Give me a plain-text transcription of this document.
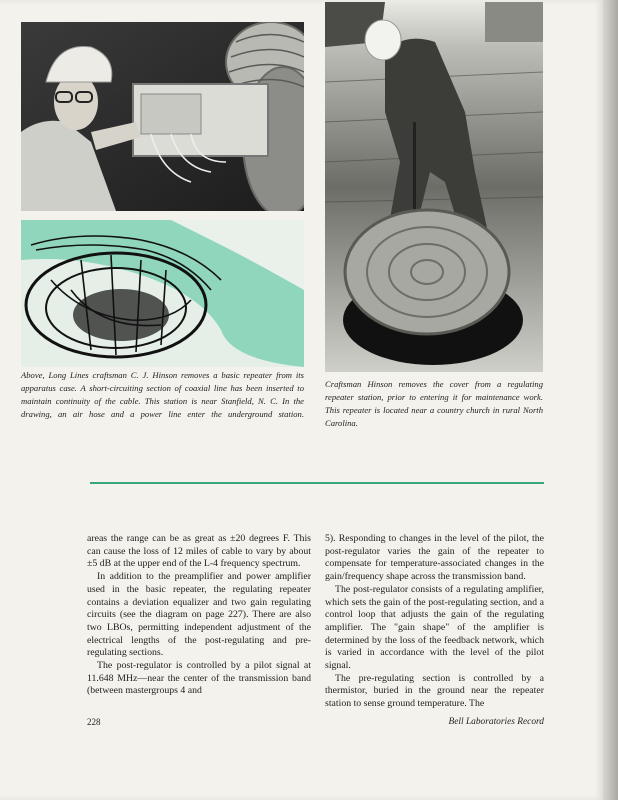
Above, Long Lines craftsman C. J. Hinson removes a basic repeater from its apparatus case. A short-circuiting section of coaxial line has been inserted to maintain continuity of the cable. This station is near Stanfield, N. C. In the drawing, an air hose and a power line enter the underground station.
Craftsman Hinson removes the cover from a regulating repeater station, prior to entering it for maintenance work. This repeater is located near a country church in rural North Carolina.

areas the range can be as great as ±20 degrees F. This can cause the loss of 12 miles of cable to vary by about ±5 dB at the upper end of the L-4 frequency spectrum.

In addition to the preamplifier and power amplifier used in the basic repeater, the regulating repeater contains a deviation equalizer and two gain regulating circuits (see the diagram on page 227). There are also two LBOs, permitting independent adjustment of the electrical lengths of the post-regulating and pre-regulating sections.

The post-regulator is controlled by a pilot signal at 11.648 MHz—near the center of the transmission band (between mastergroups 4 and

5). Responding to changes in the level of the pilot, the post-regulator varies the gain of the repeater to compensate for temperature-associated changes in the gain/frequency shape across the transmission band.

The post-regulator consists of a regulating amplifier, which sets the gain of the post-regulating section, and a control loop that adjusts the gain of the regulating amplifier. The "gain shape" of the amplifier is determined by the loss of the feedback network, which is varied in accordance with the level of the pilot signal.

The pre-regulating section is controlled by a thermistor, buried in the ground near the repeater station to sense ground temperature. The

228	Bell Laboratories Record
